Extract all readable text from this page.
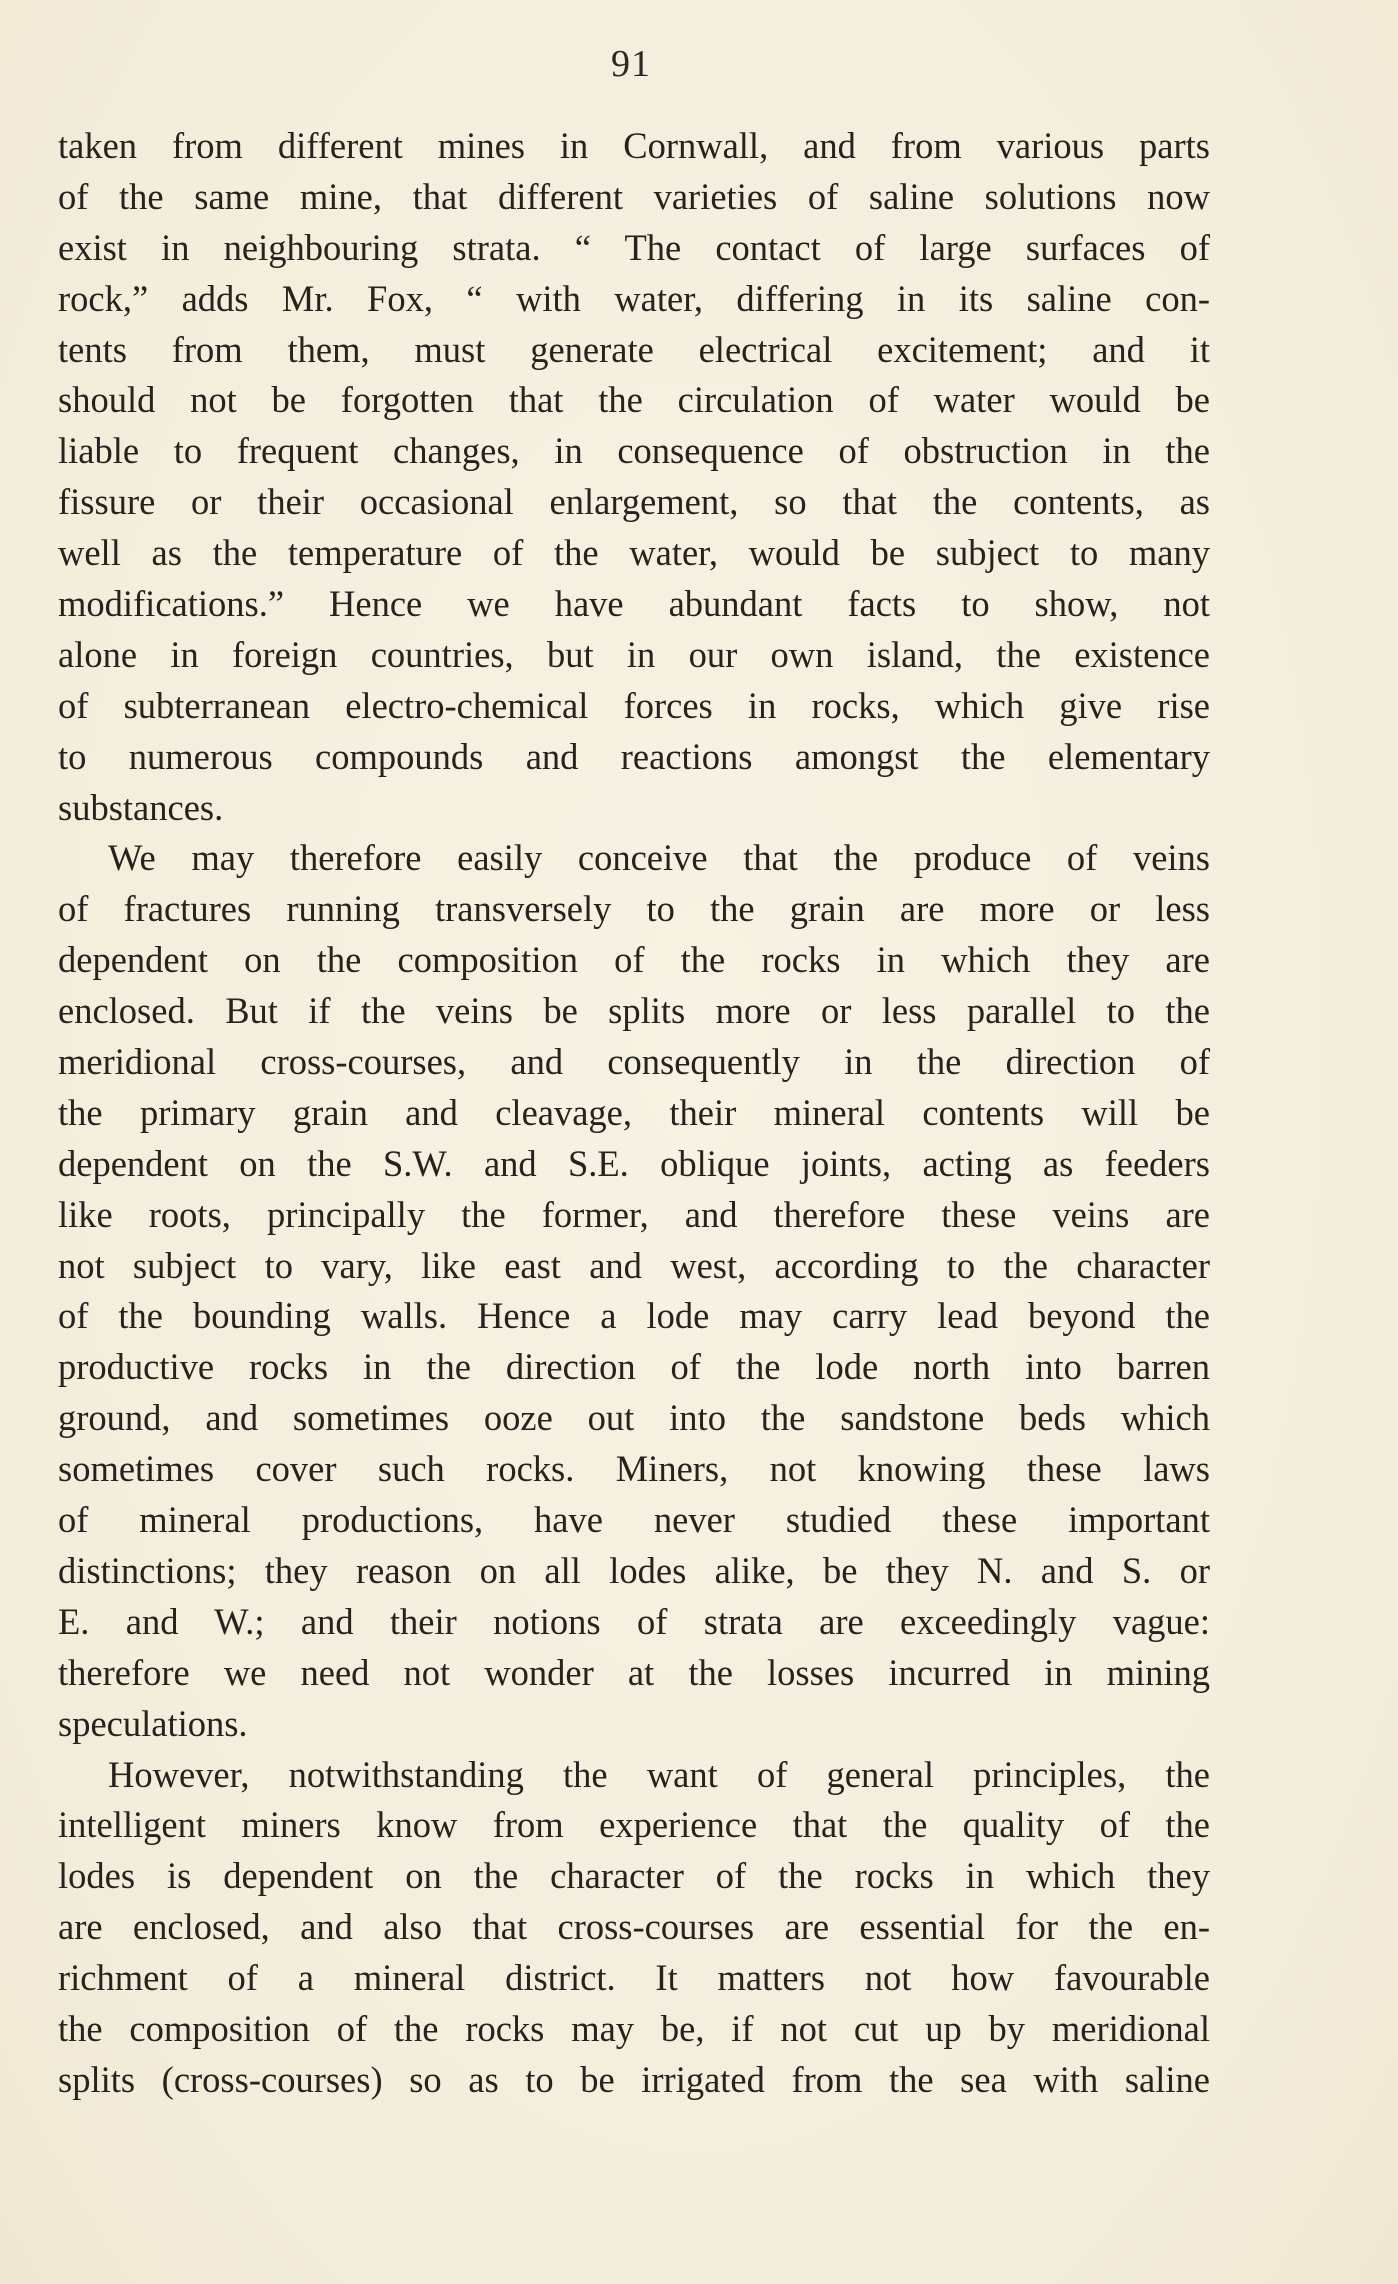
91
taken from different mines in Cornwall, and from various parts
of the same mine, that different varieties of saline solutions now
exist in neighbouring strata. “ The contact of large surfaces of
rock,” adds Mr. Fox, “ with water, differing in its saline con-
tents from them, must generate electrical excitement; and it
should not be forgotten that the circulation of water would be
liable to frequent changes, in consequence of obstruction in the
fissure or their occasional enlargement, so that the contents, as
well as the temperature of the water, would be subject to many
modifications.” Hence we have abundant facts to show, not
alone in foreign countries, but in our own island, the existence
of subterranean electro-chemical forces in rocks, which give rise
to numerous compounds and reactions amongst the elementary
substances.
We may therefore easily conceive that the produce of veins
of fractures running transversely to the grain are more or less
dependent on the composition of the rocks in which they are
enclosed. But if the veins be splits more or less parallel to the
meridional cross-courses, and consequently in the direction of
the primary grain and cleavage, their mineral contents will be
dependent on the S.W. and S.E. oblique joints, acting as feeders
like roots, principally the former, and therefore these veins are
not subject to vary, like east and west, according to the character
of the bounding walls. Hence a lode may carry lead beyond the
productive rocks in the direction of the lode north into barren
ground, and sometimes ooze out into the sandstone beds which
sometimes cover such rocks. Miners, not knowing these laws
of mineral productions, have never studied these important
distinctions; they reason on all lodes alike, be they N. and S. or
E. and W.; and their notions of strata are exceedingly vague:
therefore we need not wonder at the losses incurred in mining
speculations.
However, notwithstanding the want of general principles, the
intelligent miners know from experience that the quality of the
lodes is dependent on the character of the rocks in which they
are enclosed, and also that cross-courses are essential for the en-
richment of a mineral district. It matters not how favourable
the composition of the rocks may be, if not cut up by meridional
splits (cross-courses) so as to be irrigated from the sea with saline
